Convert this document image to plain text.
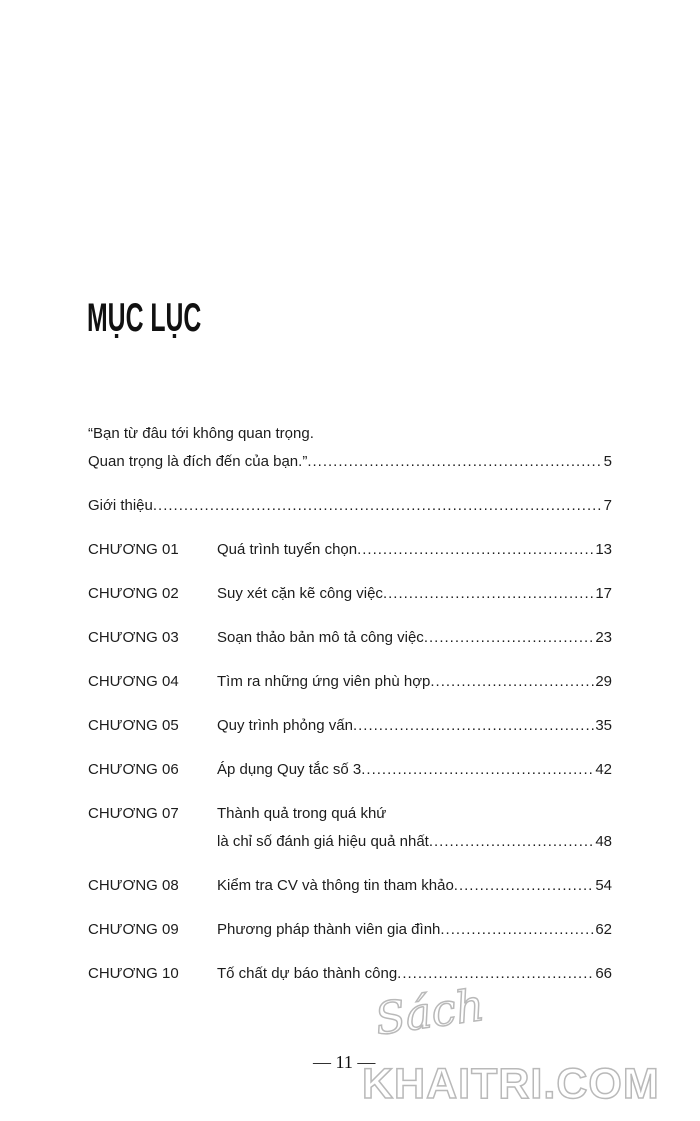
MỤC LỤC
“Bạn từ đâu tới không quan trọng.
Quan trọng là đích đến của bạn.” .....	5
Giới thiệu .....	7
CHƯƠNG 01	Quá trình tuyển chọn .....	13
CHƯƠNG 02	Suy xét cặn kẽ công việc .....	17
CHƯƠNG 03	Soạn thảo bản mô tả công việc .....	23
CHƯƠNG 04	Tìm ra những ứng viên phù hợp .....	29
CHƯƠNG 05	Quy trình phỏng vấn .....	35
CHƯƠNG 06	Áp dụng Quy tắc số 3 .....	42
CHƯƠNG 07	Thành quả trong quá khứ
là chỉ số đánh giá hiệu quả nhất .....	48
CHƯƠNG 08	Kiểm tra CV và thông tin tham khảo .....	54
CHƯƠNG 09	Phương pháp thành viên gia đình .....	62
CHƯƠNG 10	Tố chất dự báo thành công .....	66
— 11 —
Sách
KHAITRI.COM
